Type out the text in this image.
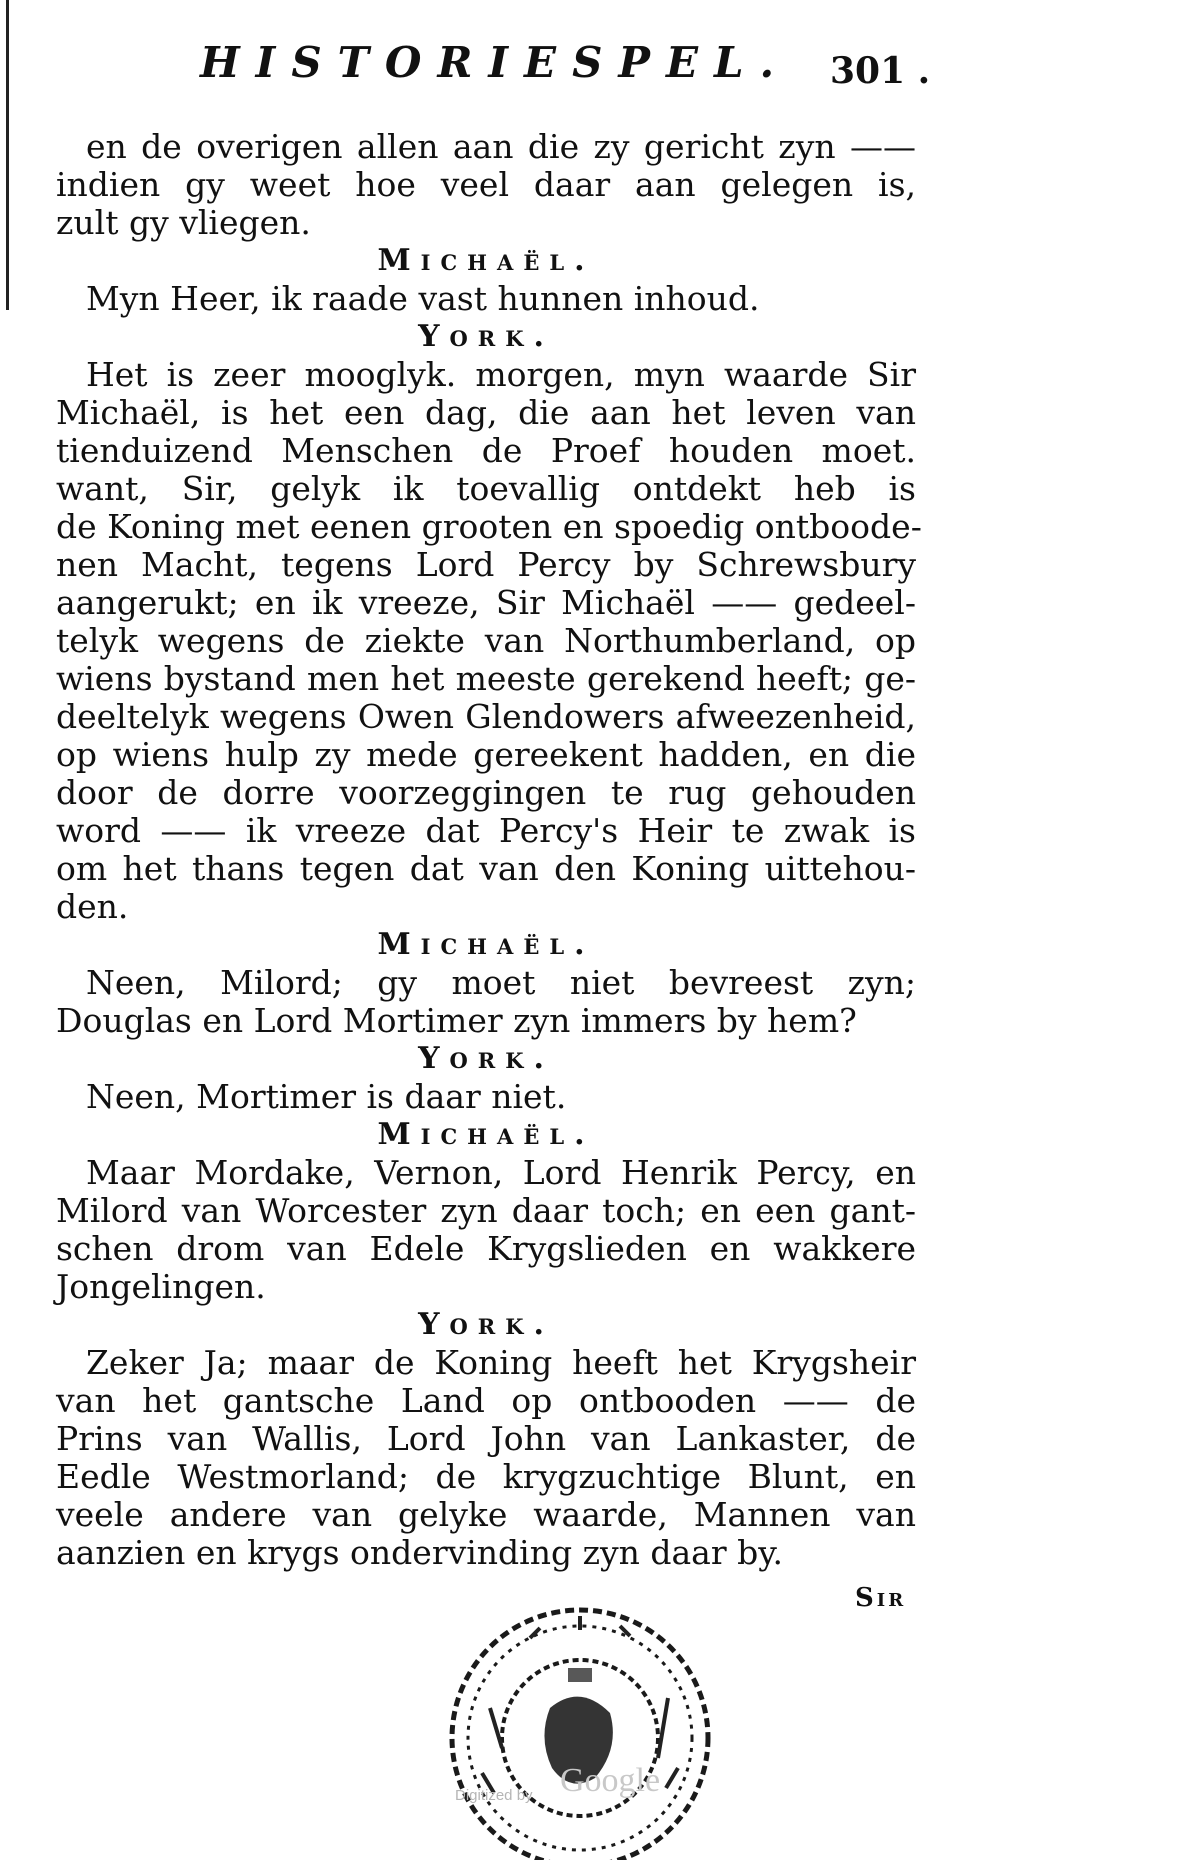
HISTORIESPEL. 301 .
en de overigen allen aan die zy gericht zyn ——
indien gy weet hoe veel daar aan gelegen is,
zult gy vliegen.
Michaël.
Myn Heer, ik raade vast hunnen inhoud.
York.
Het is zeer mooglyk. morgen, myn waarde Sir
Michaël, is het een dag, die aan het leven van
tienduizend Menschen de Proef houden moet.
want, Sir, gelyk ik toevallig ontdekt heb is
de Koning met eenen grooten en spoedig ontboode-
nen Macht, tegens Lord Percy by Schrewsbury
aangerukt; en ik vreeze, Sir Michaël —— gedeel-
telyk wegens de ziekte van Northumberland, op
wiens bystand men het meeste gerekend heeft; ge-
deeltelyk wegens Owen Glendowers afweezenheid,
op wiens hulp zy mede gereekent hadden, en die
door de dorre voorzeggingen te rug gehouden
word —— ik vreeze dat Percy's Heir te zwak is
om het thans tegen dat van den Koning uittehou-
den.
Michaël.
Neen, Milord; gy moet niet bevreest zyn;
Douglas en Lord Mortimer zyn immers by hem?
York.
Neen, Mortimer is daar niet.
Michaël.
Maar Mordake, Vernon, Lord Henrik Percy, en
Milord van Worcester zyn daar toch; en een gant-
schen drom van Edele Krygslieden en wakkere
Jongelingen.
York.
Zeker Ja; maar de Koning heeft het Krygsheir
van het gantsche Land op ontbooden —— de
Prins van Wallis, Lord John van Lankaster, de
Eedle Westmorland; de krygzuchtige Blunt, en
veele andere van gelyke waarde, Mannen van
aanzien en krygs ondervinding zyn daar by.
Sir
Digitized by Google
